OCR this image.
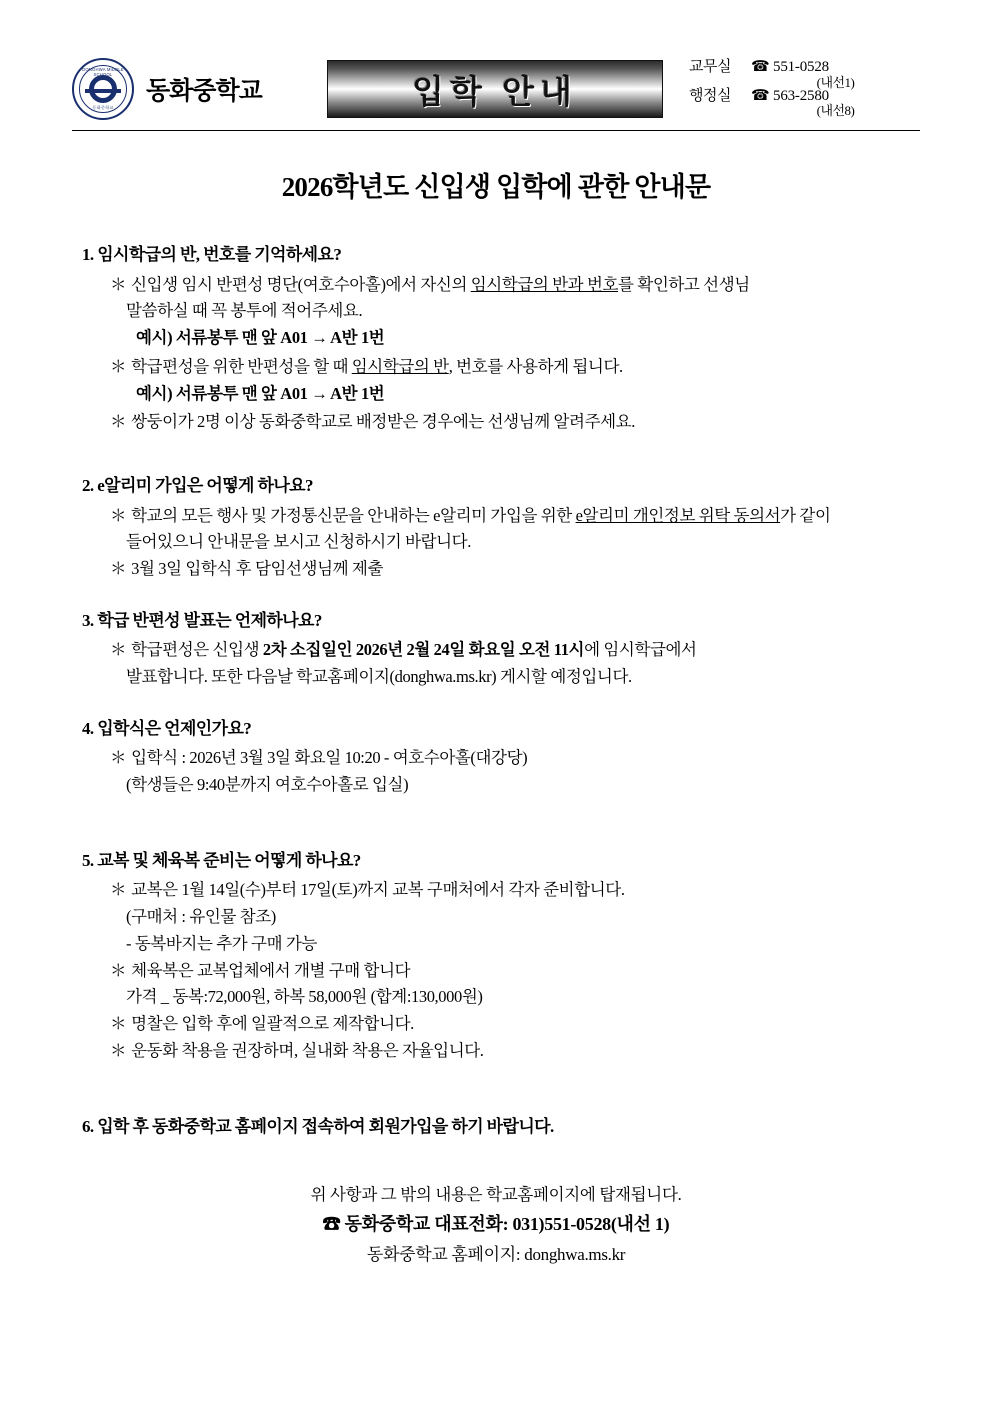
DONGHWA MIDDLE SCHOOL
동화중학교
동화중학교	입학 안내
교무실	☎ 551-0528
(내선1)
행정실	☎ 563-2580
(내선8)
2026학년도 신입생 입학에 관한 안내문
1. 임시학급의 반, 번호를 기억하세요?
＊ 신입생 임시 반편성 명단(여호수아홀)에서 자신의 임시학급의 반과 번호를 확인하고 선생님
말씀하실 때 꼭 봉투에 적어주세요.
예시) 서류봉투 맨 앞 A01 → A반 1번
＊ 학급편성을 위한 반편성을 할 때 임시학급의 반, 번호를 사용하게 됩니다.
예시) 서류봉투 맨 앞 A01 → A반 1번
＊ 쌍둥이가 2명 이상 동화중학교로 배정받은 경우에는 선생님께 알려주세요.
2. e알리미 가입은 어떻게 하나요?
＊ 학교의 모든 행사 및 가정통신문을 안내하는 e알리미 가입을 위한 e알리미 개인정보 위탁 동의서가 같이
들어있으니 안내문을 보시고 신청하시기 바랍니다.
＊ 3월 3일 입학식 후 담임선생님께 제출
3. 학급 반편성 발표는 언제하나요?
＊ 학급편성은 신입생 2차 소집일인 2026년 2월 24일 화요일 오전 11시에 임시학급에서
발표합니다. 또한 다음날 학교홈페이지(donghwa.ms.kr) 게시할 예정입니다.
4. 입학식은 언제인가요?
＊ 입학식 : 2026년 3월 3일 화요일 10:20 - 여호수아홀(대강당)
(학생들은 9:40분까지 여호수아홀로 입실)
5. 교복 및 체육복 준비는 어떻게 하나요?
＊ 교복은 1월 14일(수)부터 17일(토)까지 교복 구매처에서 각자 준비합니다.
(구매처 : 유인물 참조)
- 동복바지는 추가 구매 가능
＊ 체육복은 교복업체에서 개별 구매 합니다
가격 _ 동복:72,000원, 하복 58,000원 (합계:130,000원)
＊ 명찰은 입학 후에 일괄적으로 제작합니다.
＊ 운동화 착용을 권장하며, 실내화 착용은 자율입니다.
6. 입학 후 동화중학교 홈페이지 접속하여 회원가입을 하기 바랍니다.
위 사항과 그 밖의 내용은 학교홈페이지에 탑재됩니다.
☎ 동화중학교 대표전화: 031)551-0528(내선 1)
동화중학교 홈페이지: donghwa.ms.kr
